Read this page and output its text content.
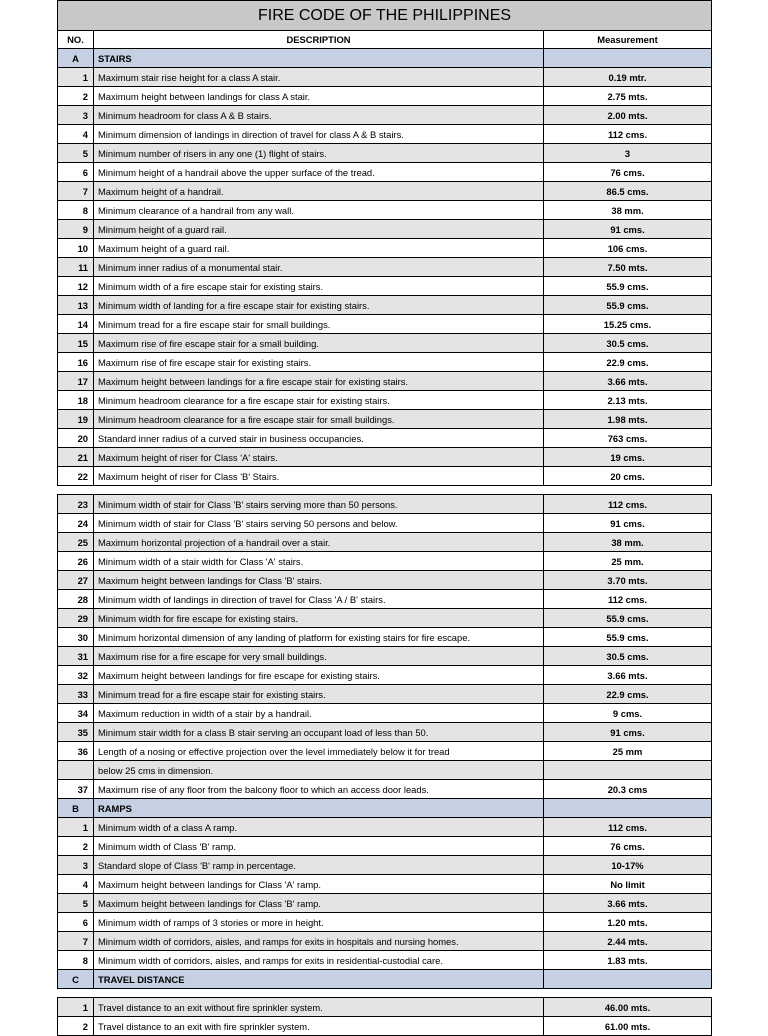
FIRE CODE OF THE PHILIPPINES		
NO.	DESCRIPTION	Measurement
A	STAIRS	
1	Maximum stair rise height for a class A stair.	0.19 mtr.
2	Maximum height between landings for class A stair.	2.75 mts.
3	Minimum headroom for class A & B stairs.	2.00 mts.
4	Minimum dimension of landings in direction of travel for class A & B stairs.	112 cms.
5	Minimum number of risers in any one (1) flight of stairs.	3
6	Minimum height of a handrail above the upper surface of the tread.	76 cms.
7	Maximum height of a handrail.	86.5 cms.
8	Minimum clearance of a handrail from any wall.	38 mm.
9	Minimum height of a guard rail.	91 cms.
10	Maximum height of a guard rail.	106 cms.
11	Minimum inner radius of a monumental stair.	7.50 mts.
12	Minimum width of a fire escape stair for existing stairs.	55.9 cms.
13	Minimum width of landing for a fire escape stair for existing stairs.	55.9 cms.
14	Minimum tread for a fire escape stair for small buildings.	15.25 cms.
15	Maximum rise of fire escape stair for a small building.	30.5 cms.
16	Maximum rise of fire escape stair for existing stairs.	22.9 cms.
17	Maximum height between landings for a fire escape stair for existing stairs.	3.66 mts.
18	Minimum headroom clearance for a fire escape stair for existing stairs.	2.13 mts.
19	Minimum headroom clearance for a fire escape stair for small buildings.	1.98 mts.
20	Standard inner radius of a curved stair in business occupancies.	763 cms.
21	Maximum height of riser for Class 'A' stairs.	19 cms.
22	Maximum height of riser for Class 'B' Stairs.	20 cms.
23	Minimum width of stair for Class 'B' stairs serving more than 50 persons.	112 cms.
24	Minimum width of stair for Class 'B' stairs serving 50 persons and below.	91 cms.
25	Maximum horizontal projection of a handrail over a stair.	38 mm.
26	Minimum width of a stair width for Class 'A' stairs.	25 mm.
27	Maximum height between landings for Class 'B' stairs.	3.70 mts.
28	Minimum width of landings in direction of travel for Class 'A / B' stairs.	112 cms.
29	Minimum width for fire escape for existing stairs.	55.9 cms.
30	Minimum horizontal dimension of any landing of platform for existing stairs for fire escape.	55.9 cms.
31	Maximum rise for a fire escape for very small buildings.	30.5 cms.
32	Maximum height between landings for fire escape for existing stairs.	3.66 mts.
33	Minimum tread for a fire escape stair for existing stairs.	22.9 cms.
34	Maximum reduction in width of a stair by a handrail.	9 cms.
35	Minimum stair width for a class B stair serving an occupant load of less than 50.	91 cms.
36	Length of a nosing or effective projection over the level immediately below it for tread	25 mm
	below 25 cms in dimension.	
37	Maximum rise of any floor from the balcony floor to which an access door leads.	20.3 cms
B	RAMPS	
1	Minimum width of a class A ramp.	112 cms.
2	Minimum width of Class 'B' ramp.	76 cms.
3	Standard slope of Class 'B' ramp in percentage.	10-17%
4	Maximum height between landings for Class 'A' ramp.	No limit
5	Maximum height between landings for Class 'B' ramp.	3.66 mts.
6	Minimum width of ramps of 3 stories or more in height.	1.20 mts.
7	Minimum width of corridors, aisles, and ramps for exits in hospitals and nursing homes.	2.44 mts.
8	Minimum width of corridors, aisles, and ramps for exits in residential-custodial care.	1.83 mts.
C	TRAVEL DISTANCE	
1	Travel distance to an exit without fire sprinkler system.	46.00 mts.
2	Travel distance to an exit with fire sprinkler system.	61.00 mts.
